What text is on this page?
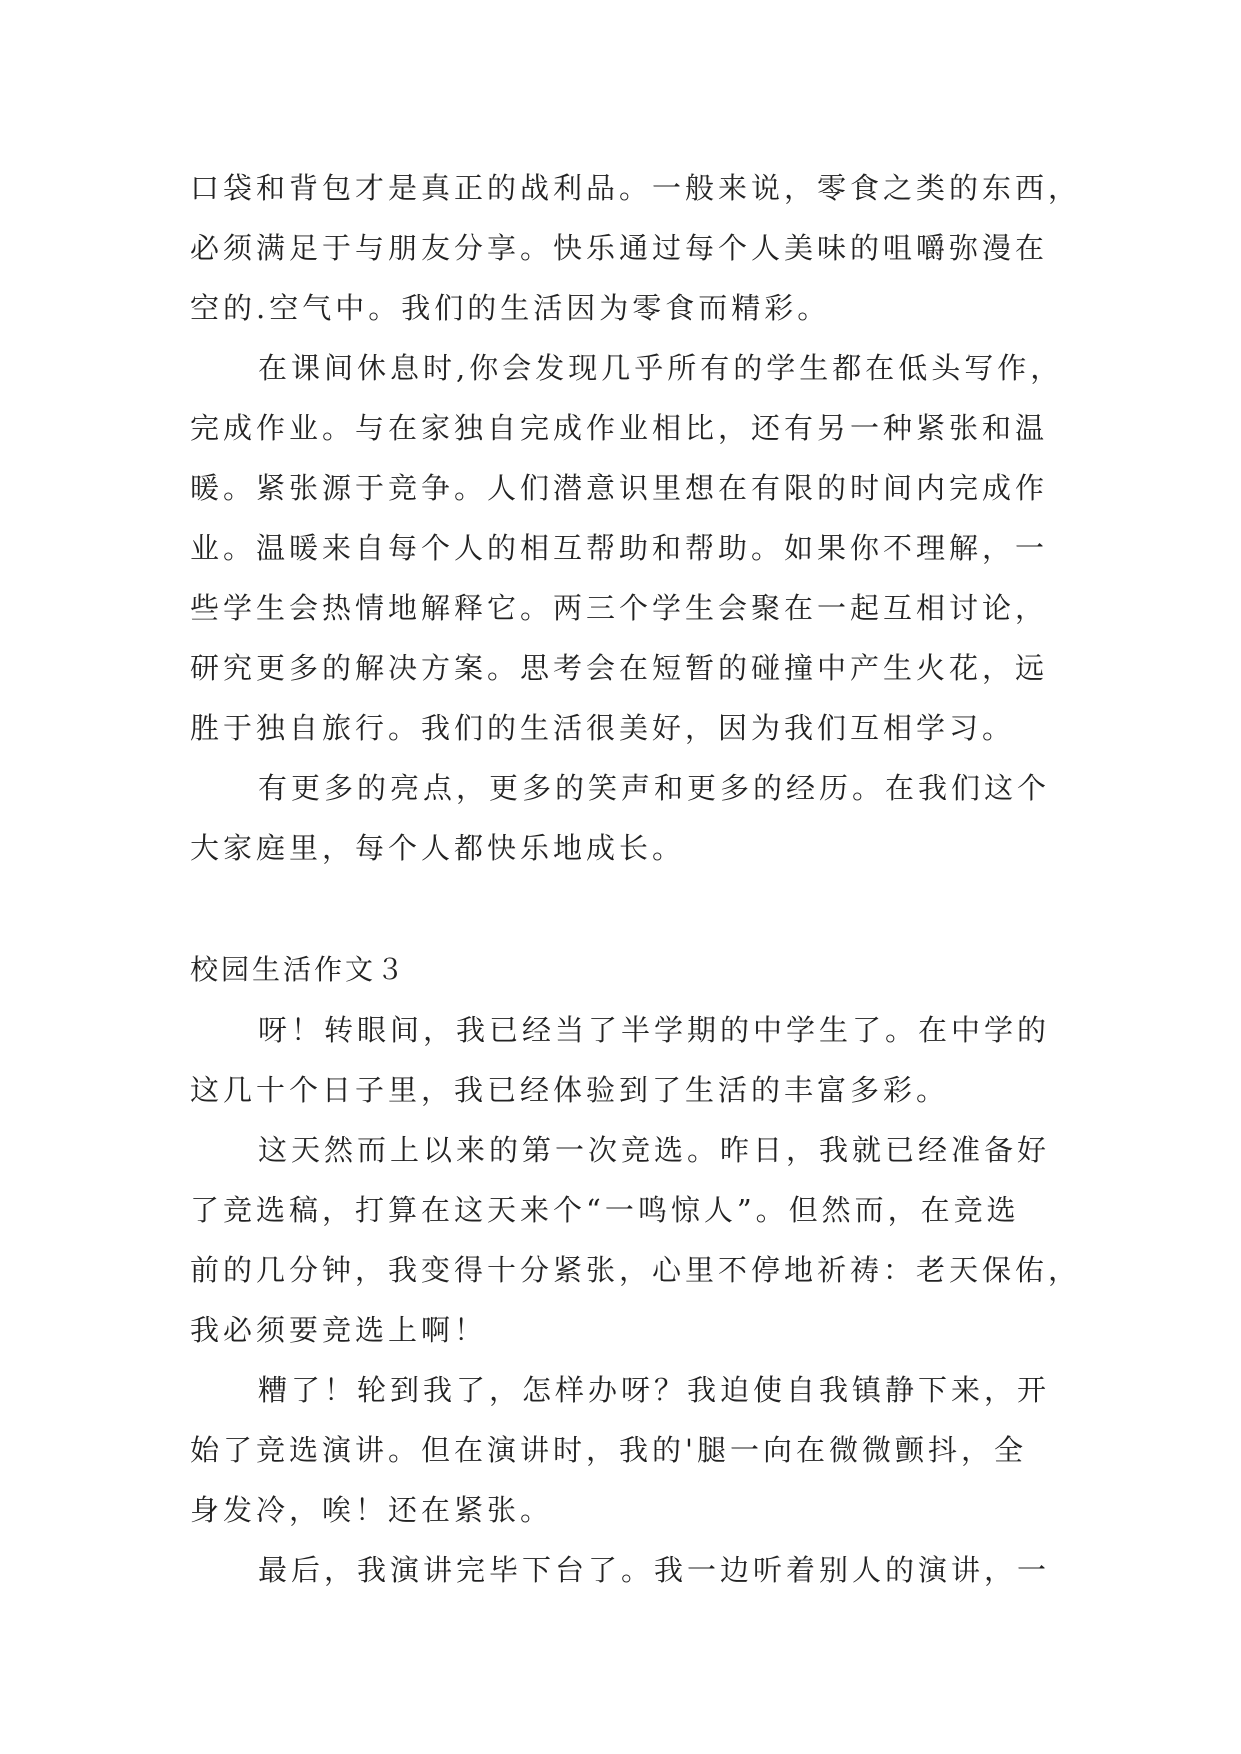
口袋和背包才是真正的战利品。一般来说，零食之类的东西，
必须满足于与朋友分享。快乐通过每个人美味的咀嚼弥漫在
空的.空气中。我们的生活因为零食而精彩。
在课间休息时,你会发现几乎所有的学生都在低头写作，
完成作业。与在家独自完成作业相比，还有另一种紧张和温
暖。紧张源于竞争。人们潜意识里想在有限的时间内完成作
业。温暖来自每个人的相互帮助和帮助。如果你不理解，一
些学生会热情地解释它。两三个学生会聚在一起互相讨论，
研究更多的解决方案。思考会在短暂的碰撞中产生火花，远
胜于独自旅行。我们的生活很美好，因为我们互相学习。
有更多的亮点，更多的笑声和更多的经历。在我们这个
大家庭里，每个人都快乐地成长。
校园生活作文３
呀！转眼间，我已经当了半学期的中学生了。在中学的
这几十个日子里，我已经体验到了生活的丰富多彩。
这天然而上以来的第一次竞选。昨日，我就已经准备好
了竞选稿，打算在这天来个“一鸣惊人”。但然而，在竞选
前的几分钟，我变得十分紧张，心里不停地祈祷：老天保佑，
我必须要竞选上啊！
糟了！轮到我了，怎样办呀？我迫使自我镇静下来，开
始了竞选演讲。但在演讲时，我的'腿一向在微微颤抖，全
身发冷，唉！还在紧张。
最后，我演讲完毕下台了。我一边听着别人的演讲，一
